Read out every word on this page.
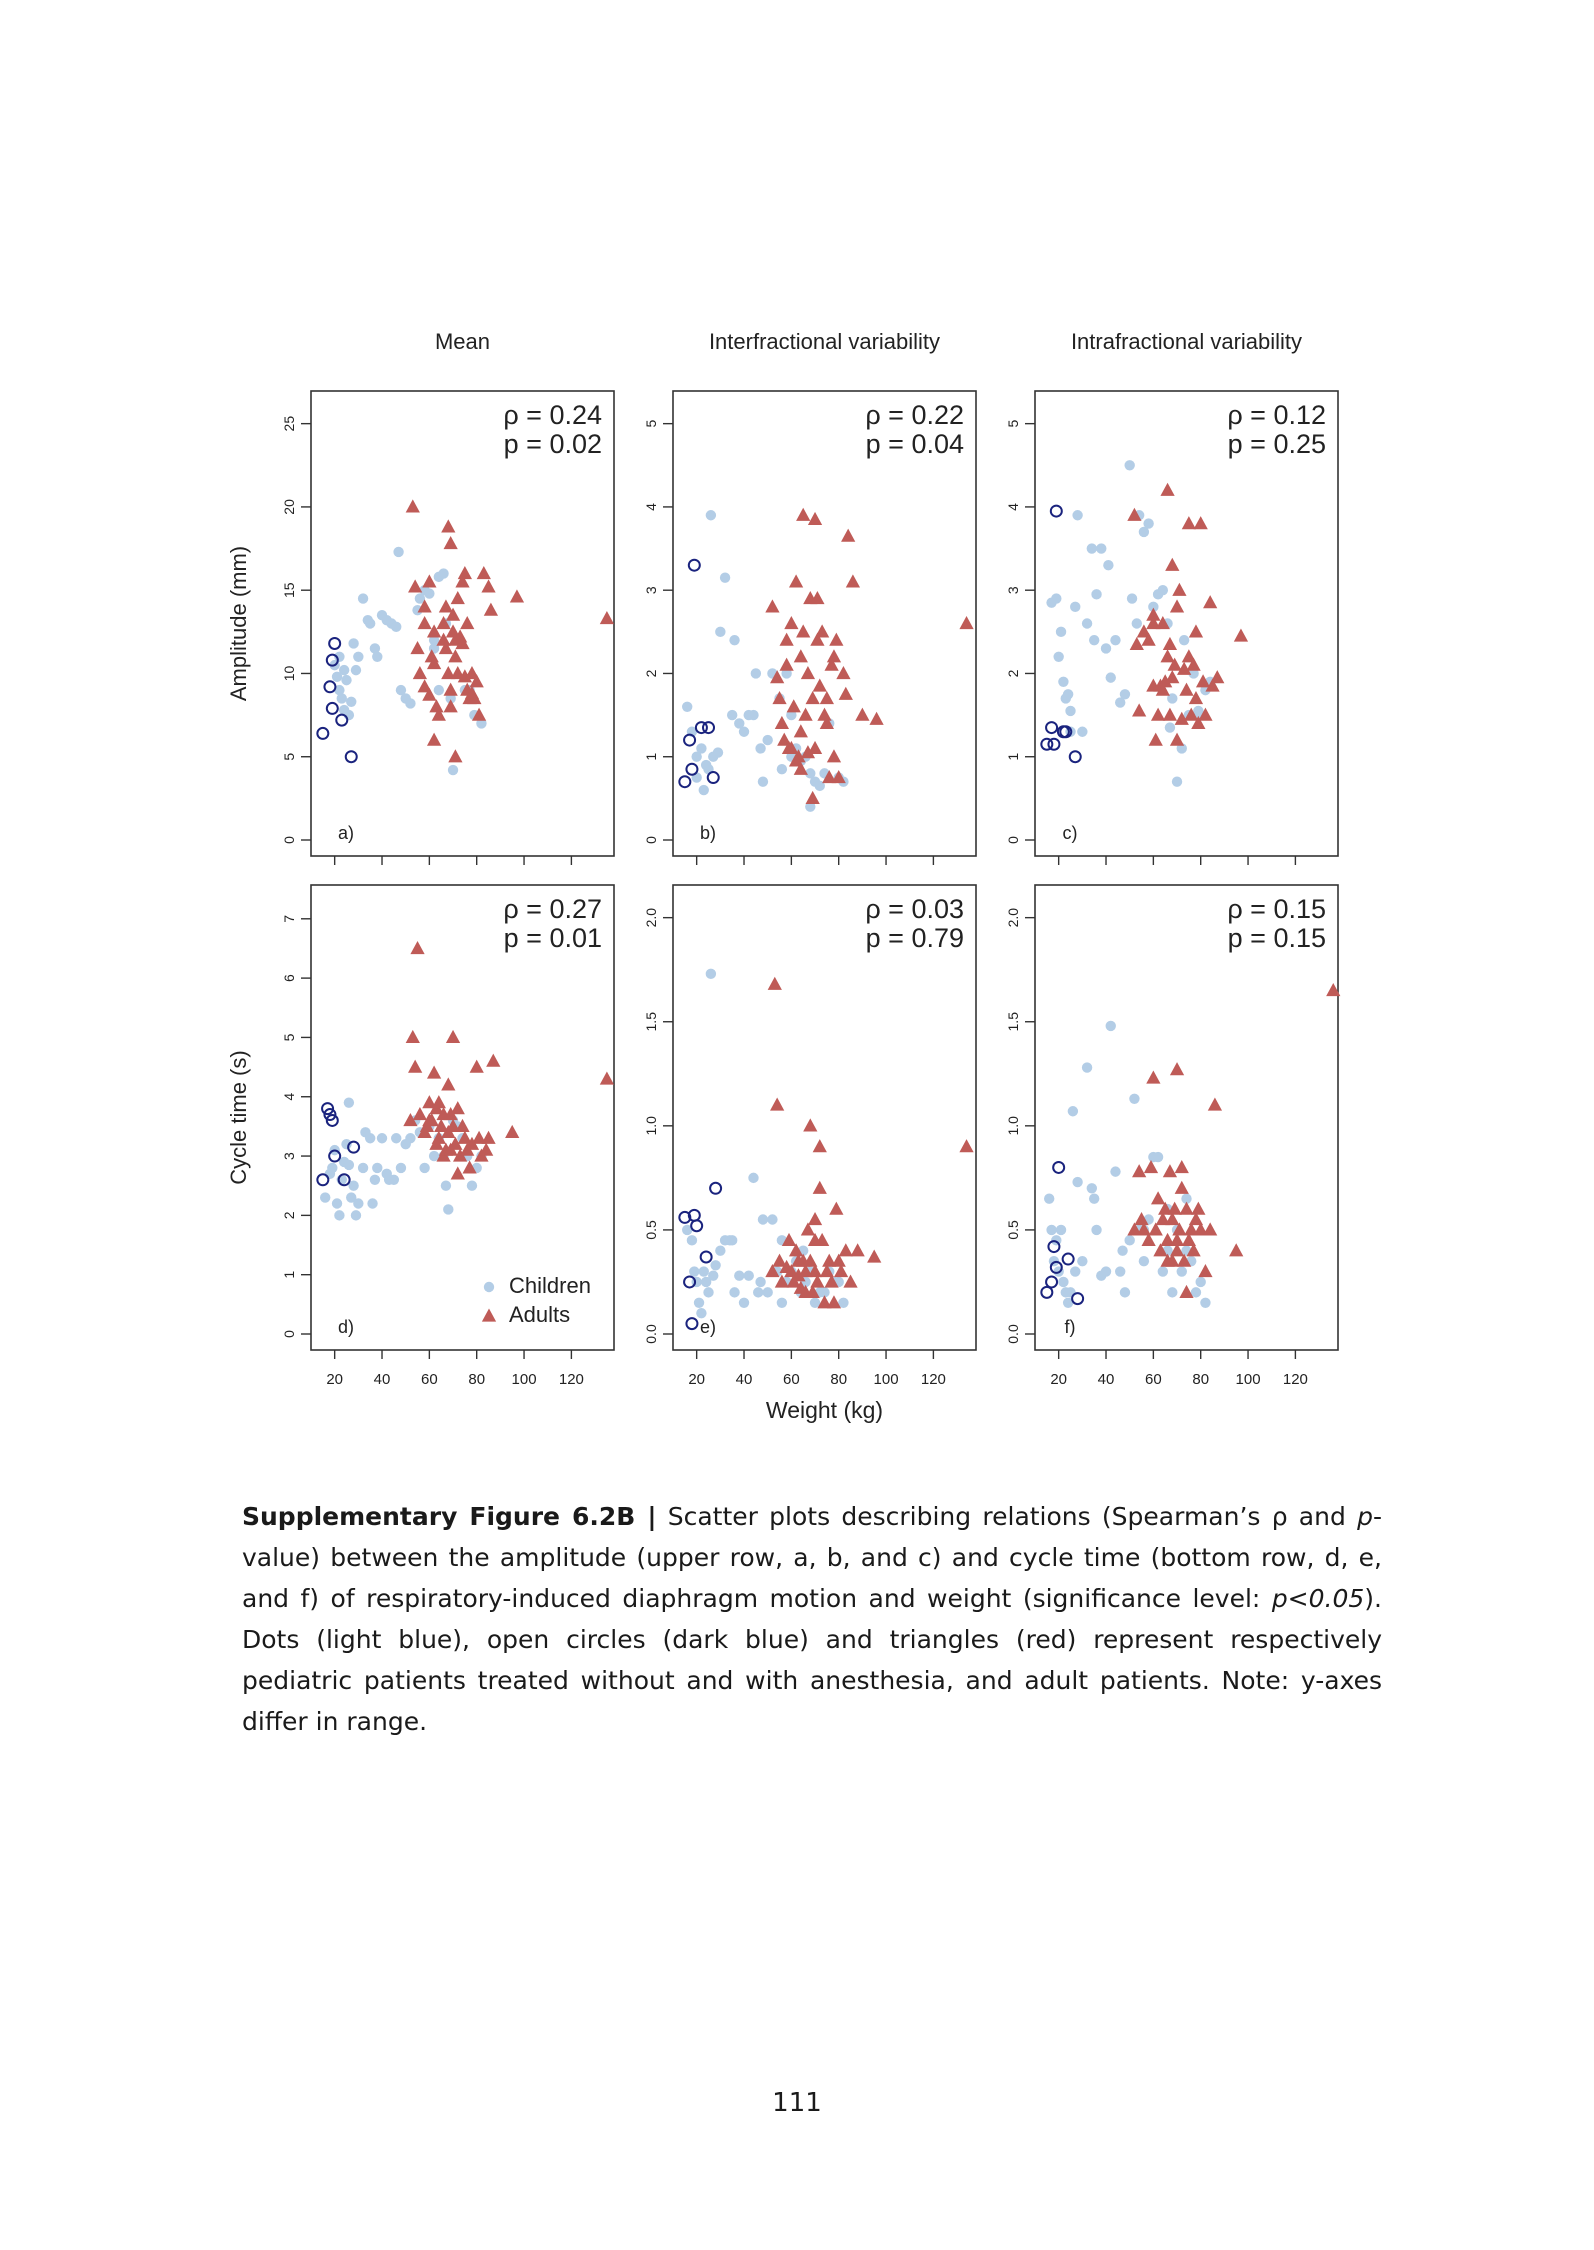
0
5
10
15
20
25
a)
ρ = 0.24
p = 0.02
Mean
Amplitude (mm)
0
1
2
3
4
5
b)
ρ = 0.22
p = 0.04
Interfractional variability
0
1
2
3
4
5
c)
ρ = 0.12
p = 0.25
Intrafractional variability
0
1
2
3
4
5
6
7
20 40 60 80 100 120
d)
ρ = 0.27
p = 0.01
Cycle time (s)
Children
Adults
0.0
0.5
1.0
1.5
2.0
20 40 60 80 100 120
e)
ρ = 0.03
p = 0.79
Weight (kg)
0.0
0.5
1.0
1.5
2.0
20 40 60 80 100 120
f)
ρ = 0.15
p = 0.15

Supplementary Figure 6.2B | Scatter plots describing relations (Spearman’s ρ and p-value) between the amplitude (upper row, a, b, and c) and cycle time (bottom row, d, e, and f) of respiratory-induced diaphragm motion and weight (significance level: p<0.05). Dots (light blue), open circles (dark blue) and triangles (red) represent respectively pediatric patients treated without and with anesthesia, and adult patients. Note: y-axes differ in range.

111
